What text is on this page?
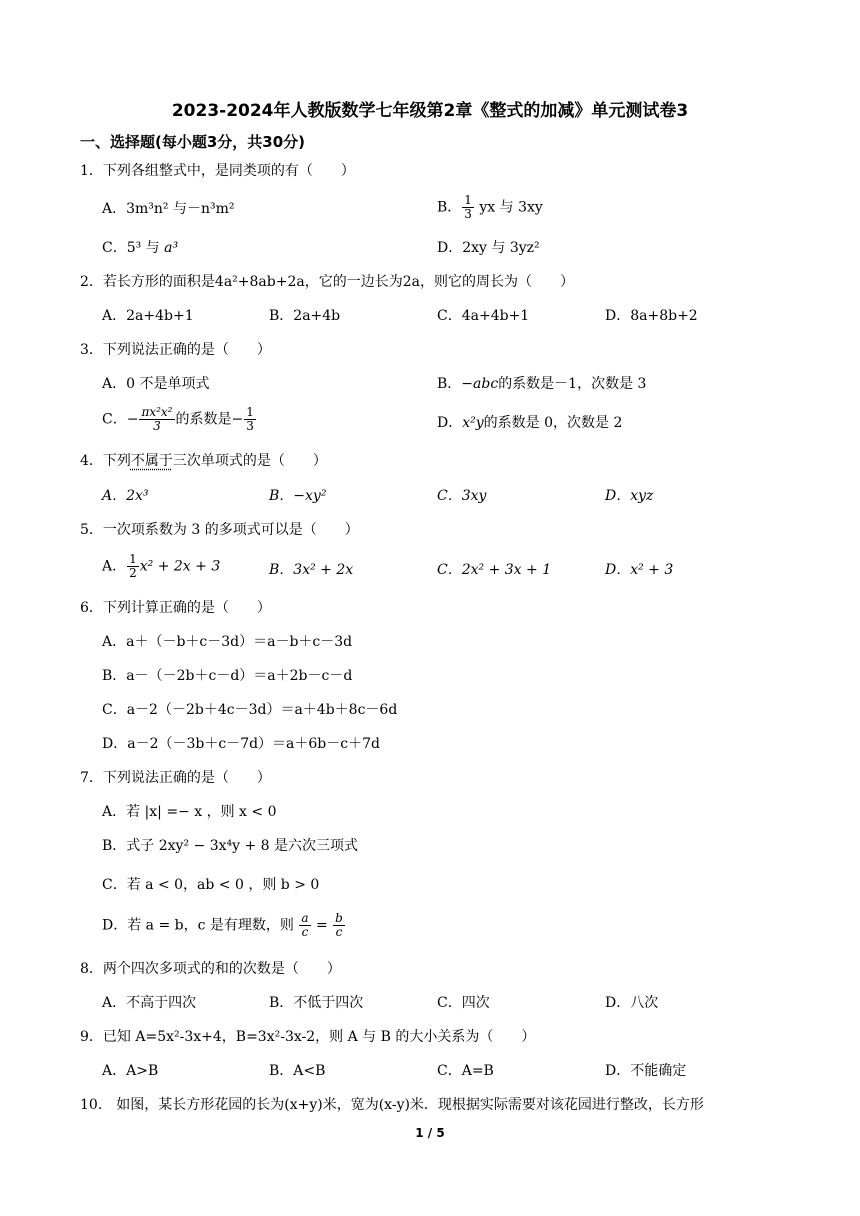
2023-2024年人教版数学七年级第2章《整式的加减》单元测试卷3
一、选择题(每小题3分，共30分)
1．下列各组整式中，是同类项的有（　　）
A．3m³n² 与－n³m²	B． $\frac{1}{3}$ yx 与 3xy
C．5³ 与 a³	D．2xy 与 3yz²
2．若长方形的面积是4a²+8ab+2a，它的一边长为2a，则它的周长为（　　）
A．2a+4b+1	B．2a+4b	C．4a+4b+1	D．8a+8b+2
3．下列说法正确的是（　　）
A．0 不是单项式	B．−abc的系数是－1，次数是 3
C．− $\frac{\text{πx²x²}}{3}$ 的系数是− $\frac{1}{3}$	D．x²y的系数是 0，次数是 2
4．下列不属于三次单项式的是（　　）
A．2x³	B．−xy²	C．3xy	D．xyz
5．一次项系数为 3 的多项式可以是（　　）
A． $\frac{1}{2} x^2 + 2x + 3$	B．3x² + 2x	C．2x² + 3x + 1	D．x² + 3
6．下列计算正确的是（　　）
A．a＋（－b＋c－3d）＝a－b＋c－3d
B．a－（－2b＋c－d）＝a＋2b－c－d
C．a－2（－2b＋4c－3d）＝a＋4b＋8c－6d
D．a－2（－3b＋c－7d）＝a＋6b－c＋7d
7．下列说法正确的是（　　）
A．若 |x| =− x ，则 x < 0
B．式子 2xy² − 3x⁴y + 8 是六次三项式
C．若 a < 0，ab < 0 ，则 b > 0
D．若 a = b，c 是有理数，则 $\frac{a}{c} = \frac{b}{c}$
8．两个四次多项式的和的次数是（　　）
A．不高于四次	B．不低于四次	C．四次	D．八次
9．已知 A=5x²-3x+4，B=3x²-3x-2，则 A 与 B 的大小关系为（　　）
A．A>B	B．A<B	C．A=B	D．不能确定
10.　如图，某长方形花园的长为(x+y)米，宽为(x-y)米．现根据实际需要对该花园进行整改，长方形
1 / 5
